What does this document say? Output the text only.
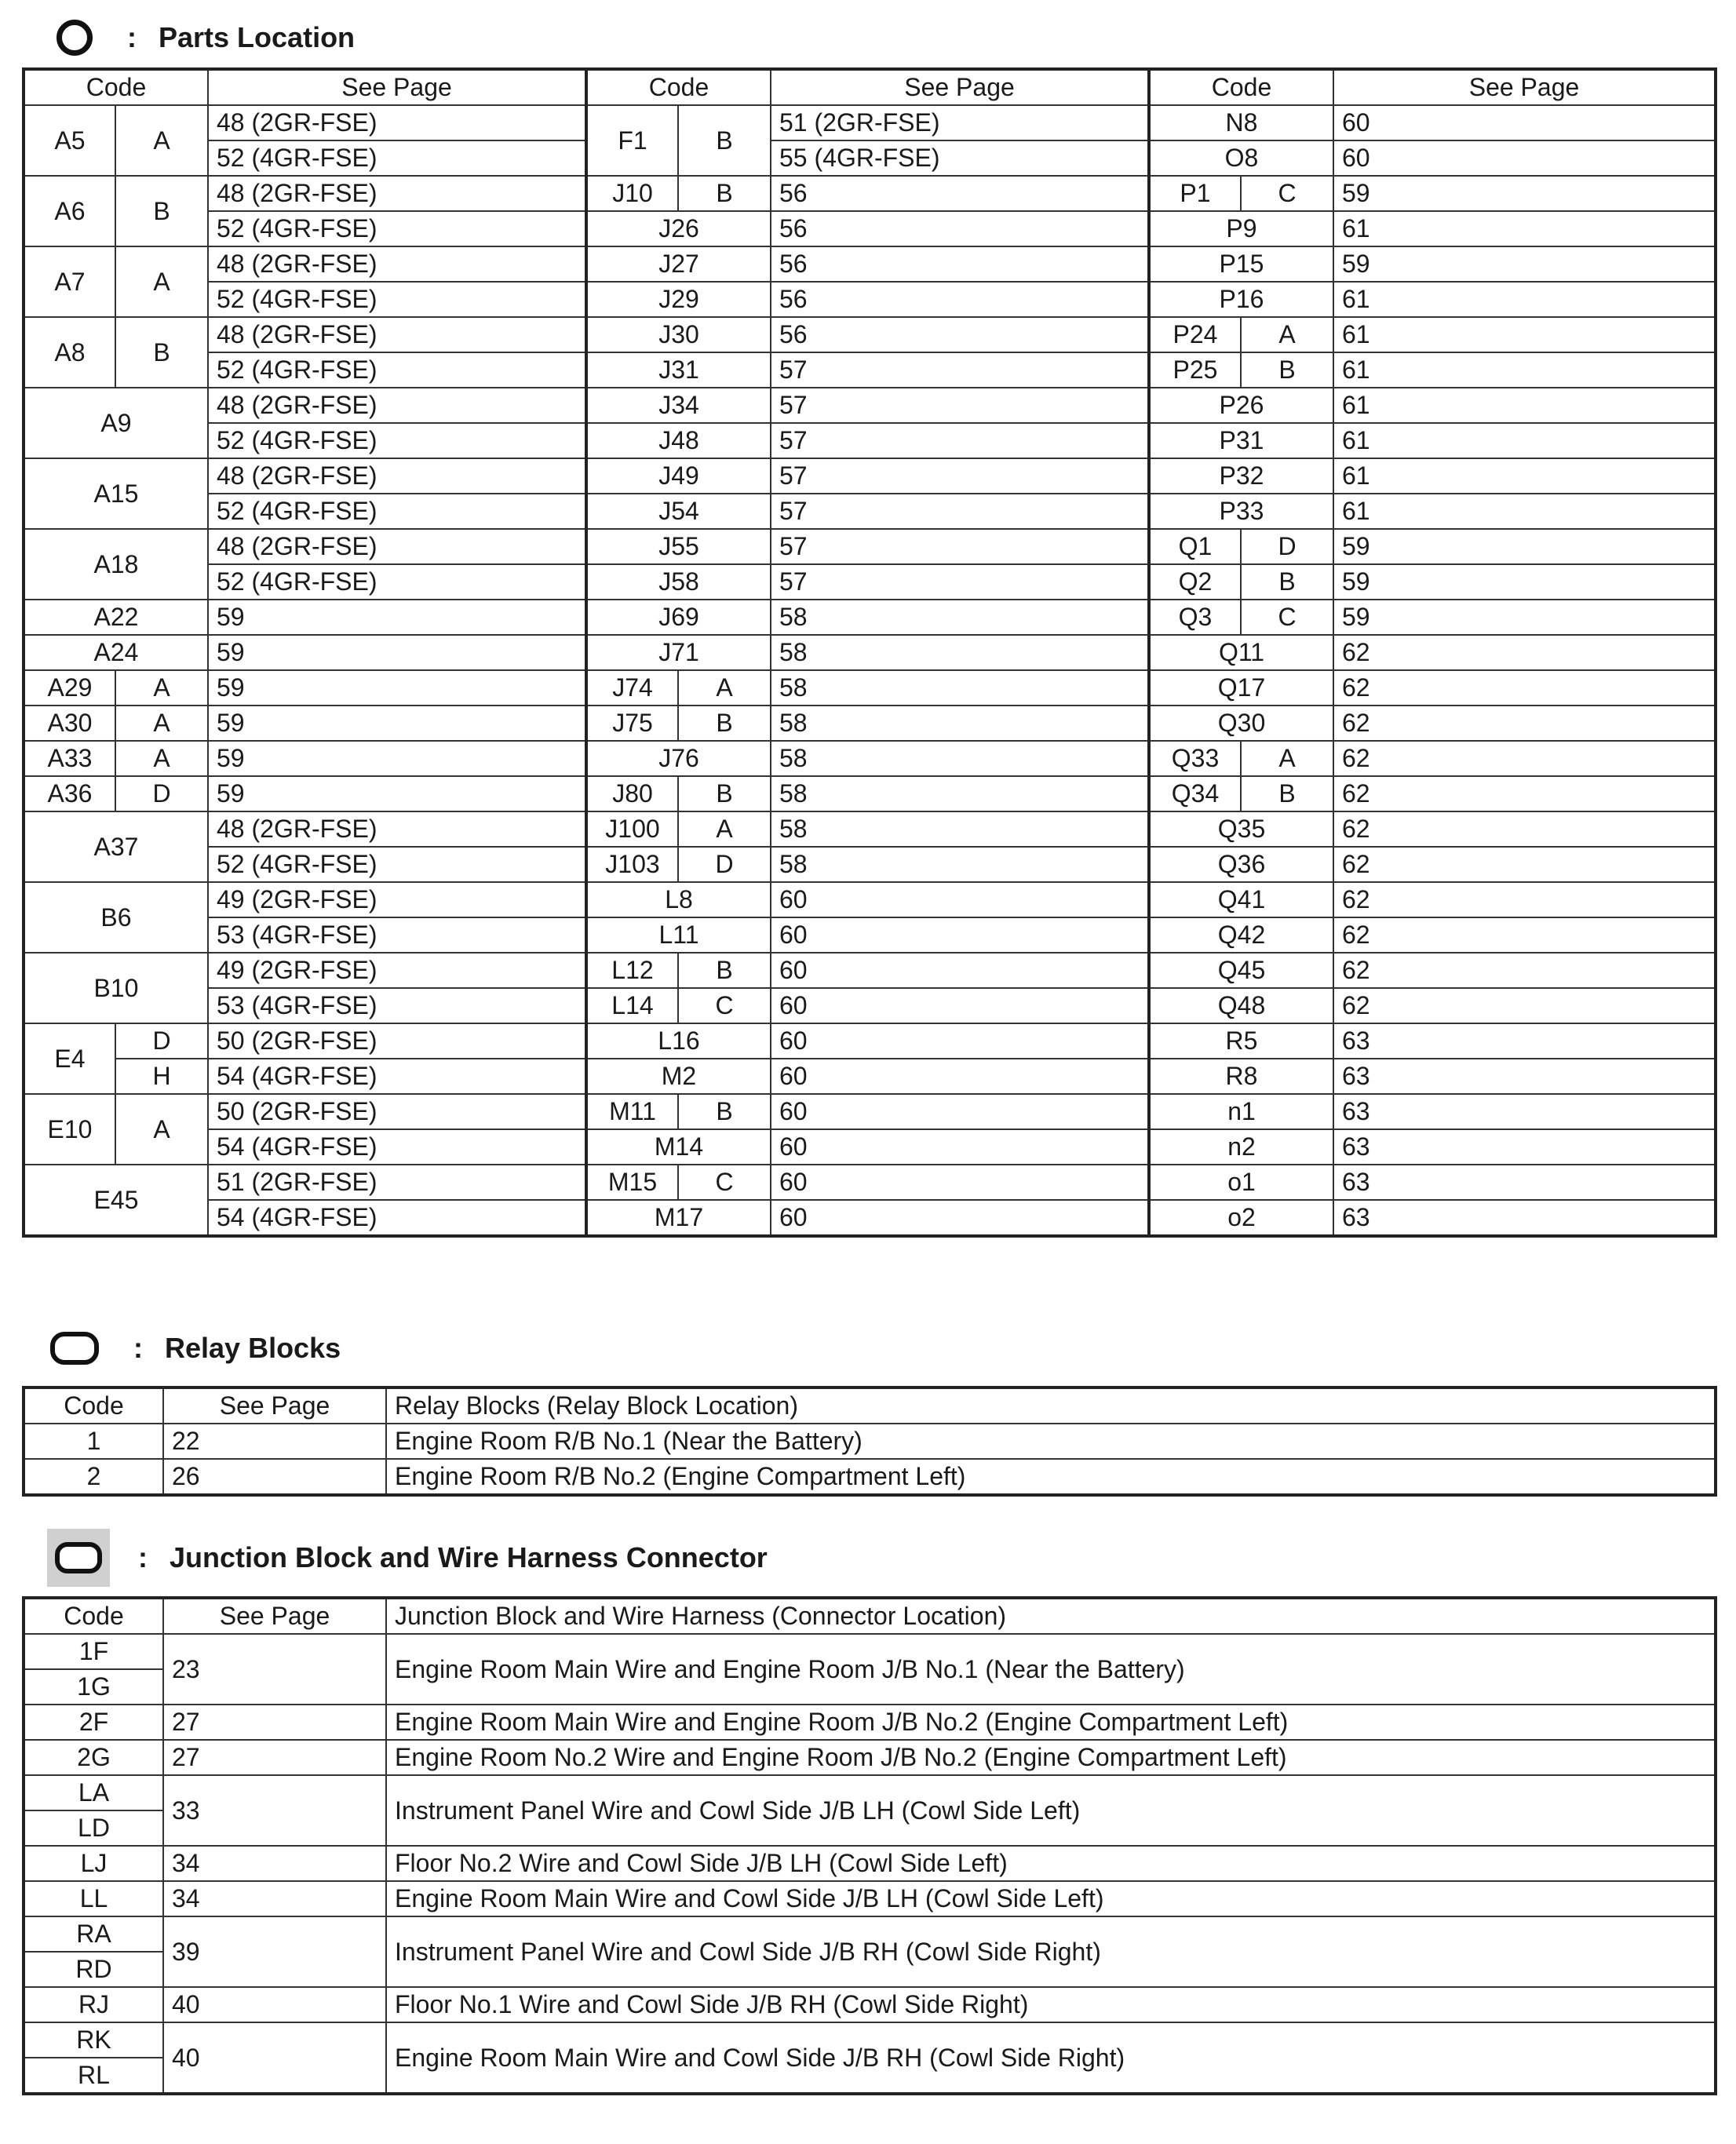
: Parts Location
Code		See Page	Code		See Page	Code		See Page
A5	A	48 (2GR-FSE)	F1	B	51 (2GR-FSE)	N8		60
		52 (4GR-FSE)			55 (4GR-FSE)	O8		60
A6	B	48 (2GR-FSE)	J10	B	56	P1	C	59
		52 (4GR-FSE)	J26		56	P9		61
A7	A	48 (2GR-FSE)	J27		56	P15		59
		52 (4GR-FSE)	J29		56	P16		61
A8	B	48 (2GR-FSE)	J30		56	P24	A	61
		52 (4GR-FSE)	J31		57	P25	B	61
A9		48 (2GR-FSE)	J34		57	P26		61
		52 (4GR-FSE)	J48		57	P31		61
A15		48 (2GR-FSE)	J49		57	P32		61
		52 (4GR-FSE)	J54		57	P33		61
A18		48 (2GR-FSE)	J55		57	Q1	D	59
		52 (4GR-FSE)	J58		57	Q2	B	59
A22		59	J69		58	Q3	C	59
A24		59	J71		58	Q11		62
A29	A	59	J74	A	58	Q17		62
A30	A	59	J75	B	58	Q30		62
A33	A	59	J76		58	Q33	A	62
A36	D	59	J80	B	58	Q34	B	62
A37		48 (2GR-FSE)	J100	A	58	Q35		62
		52 (4GR-FSE)	J103	D	58	Q36		62
B6		49 (2GR-FSE)	L8		60	Q41		62
		53 (4GR-FSE)	L11		60	Q42		62
B10		49 (2GR-FSE)	L12	B	60	Q45		62
		53 (4GR-FSE)	L14	C	60	Q48		62
E4	D	50 (2GR-FSE)	L16		60	R5		63
	H	54 (4GR-FSE)	M2		60	R8		63
E10	A	50 (2GR-FSE)	M11	B	60	n1		63
		54 (4GR-FSE)	M14		60	n2		63
E45		51 (2GR-FSE)	M15	C	60	o1		63
		54 (4GR-FSE)	M17		60	o2		63
: Relay Blocks
Code	See Page	Relay Blocks (Relay Block Location)
1	22	Engine Room R/B No.1 (Near the Battery)
2	26	Engine Room R/B No.2 (Engine Compartment Left)
: Junction Block and Wire Harness Connector
Code	See Page	Junction Block and Wire Harness (Connector Location)
1F	23	Engine Room Main Wire and Engine Room J/B No.1 (Near the Battery)
1G		
2F	27	Engine Room Main Wire and Engine Room J/B No.2 (Engine Compartment Left)
2G	27	Engine Room No.2 Wire and Engine Room J/B No.2 (Engine Compartment Left)
LA	33	Instrument Panel Wire and Cowl Side J/B LH (Cowl Side Left)
LD		
LJ	34	Floor No.2 Wire and Cowl Side J/B LH (Cowl Side Left)
LL	34	Engine Room Main Wire and Cowl Side J/B LH (Cowl Side Left)
RA	39	Instrument Panel Wire and Cowl Side J/B RH (Cowl Side Right)
RD		
RJ	40	Floor No.1 Wire and Cowl Side J/B RH (Cowl Side Right)
RK	40	Engine Room Main Wire and Cowl Side J/B RH (Cowl Side Right)
RL		
